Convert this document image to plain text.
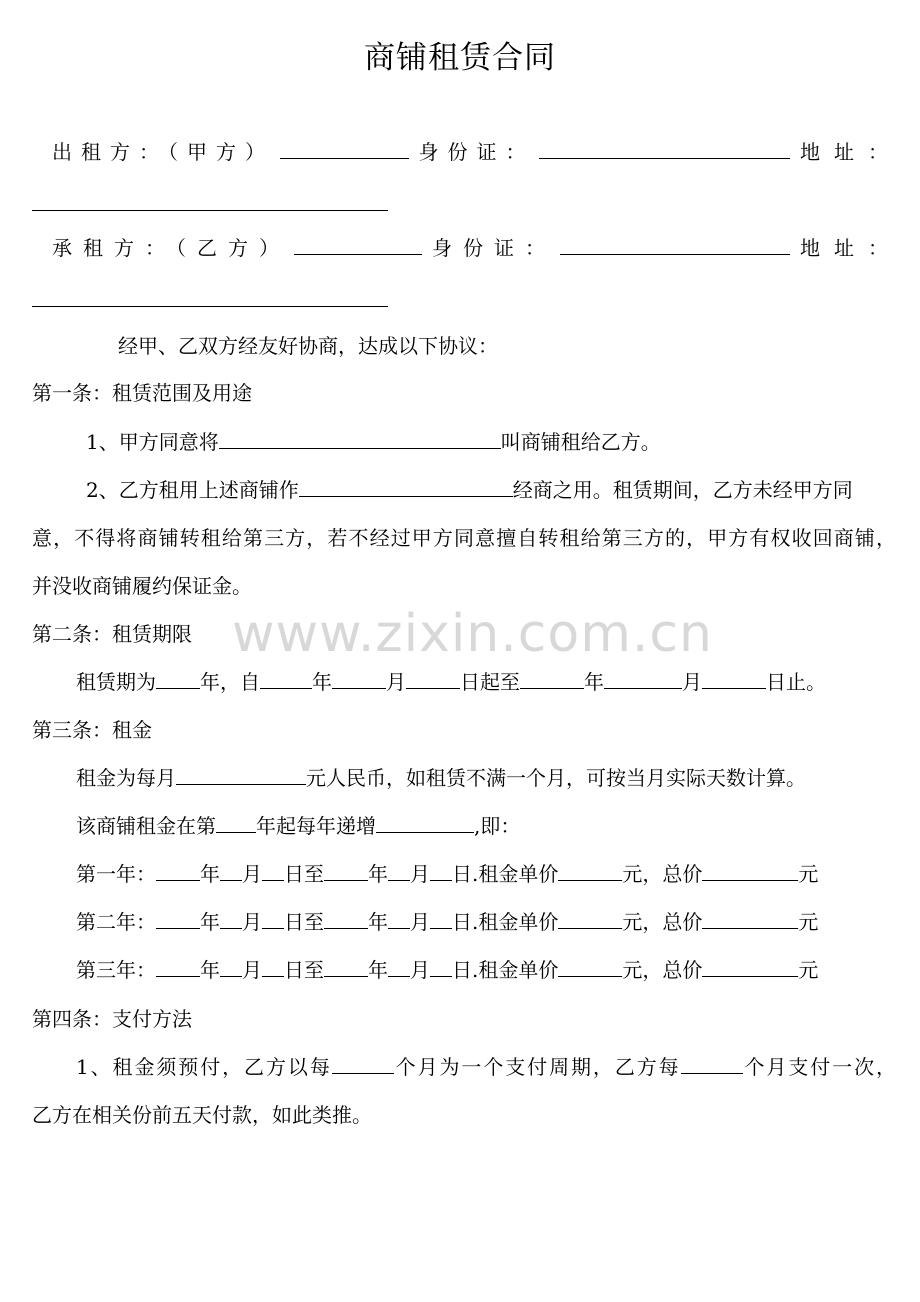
商铺租赁合同
出租方：（甲方）	身份证：	地址：
承租方：（乙方）	身份证：	地址：
经甲、乙双方经友好协商，达成以下协议：
第一条：租赁范围及用途
1、甲方同意将	叫商铺租给乙方。
2、乙方租用上述商铺作	经商之用。租赁期间，乙方未经甲方同
意，不得将商铺转租给第三方，若不经过甲方同意擅自转租给第三方的，甲方有权收回商铺，
并没收商铺履约保证金。
www.zixin.com.cn
第二条：租赁期限
租赁期为 年，自	年	月	日起至	年	月	日止。
第三条：租金
租金为每月	元人民币，如租赁不满一个月，可按当月实际天数计算。
该商铺租金在第 年起每年递增	,即：
第一年： 年 月 日至 年 月 日.租金单价	元，总价	元
第二年： 年 月 日至 年 月 日.租金单价	元，总价	元
第三年： 年 月 日至 年 月 日.租金单价	元，总价	元
第四条：支付方法
1、租金须预付，乙方以每	个月为一个支付周期，乙方每	个月支付一次，
乙方在相关份前五天付款，如此类推。
